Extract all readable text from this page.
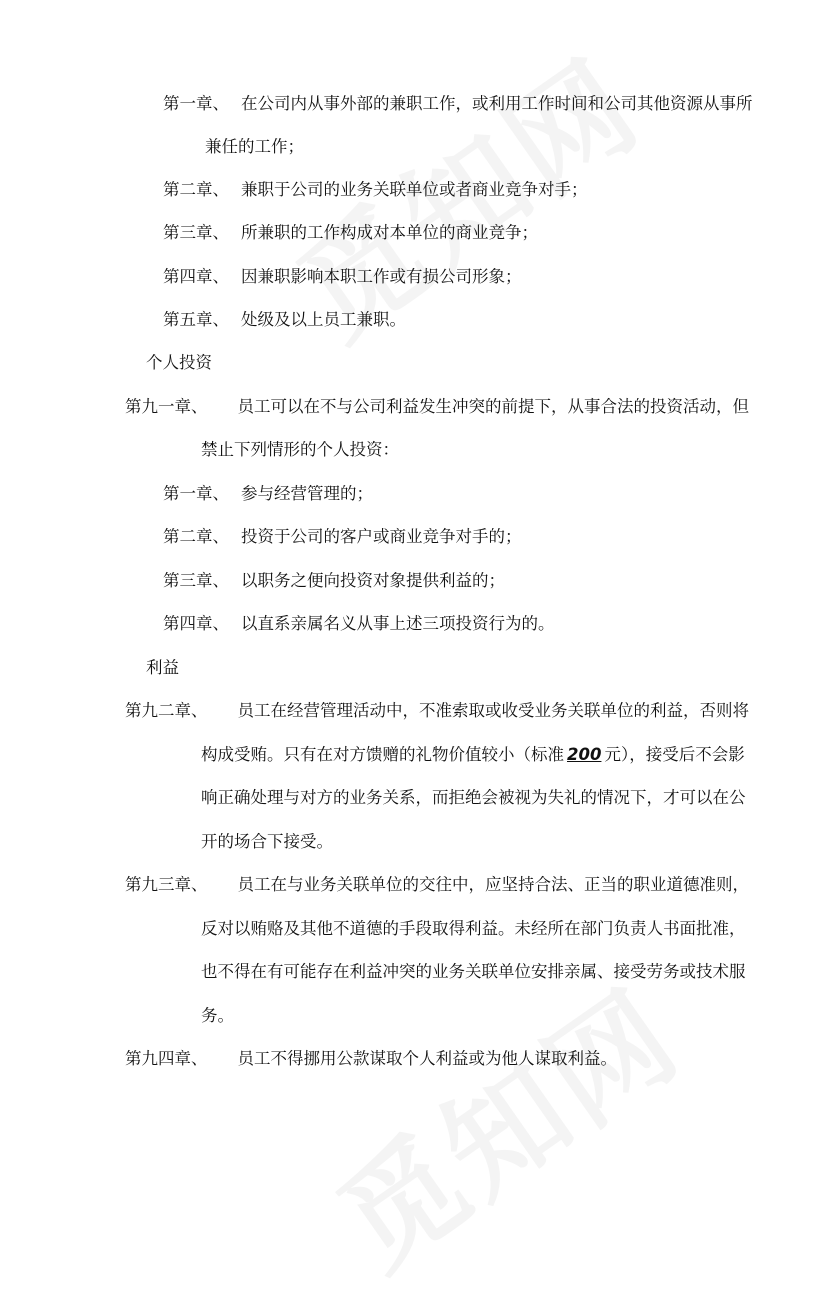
第一章、 在公司内从事外部的兼职工作，或利用工作时间和公司其他资源从事所
兼任的工作；
第二章、 兼职于公司的业务关联单位或者商业竞争对手；
第三章、 所兼职的工作构成对本单位的商业竞争；
第四章、 因兼职影响本职工作或有损公司形象；
第五章、 处级及以上员工兼职。
个人投资
第九一章、 员工可以在不与公司利益发生冲突的前提下，从事合法的投资活动，但
禁止下列情形的个人投资：
第一章、 参与经营管理的；
第二章、 投资于公司的客户或商业竞争对手的；
第三章、 以职务之便向投资对象提供利益的；
第四章、 以直系亲属名义从事上述三项投资行为的。
利益
第九二章、 员工在经营管理活动中，不准索取或收受业务关联单位的利益，否则将
构成受贿。只有在对方馈赠的礼物价值较小（标准 200 元），接受后不会影
响正确处理与对方的业务关系，而拒绝会被视为失礼的情况下，才可以在公
开的场合下接受。
第九三章、 员工在与业务关联单位的交往中，应坚持合法、正当的职业道德准则，
反对以贿赂及其他不道德的手段取得利益。未经所在部门负责人书面批准，
也不得在有可能存在利益冲突的业务关联单位安排亲属、接受劳务或技术服
务。
第九四章、 员工不得挪用公款谋取个人利益或为他人谋取利益。
